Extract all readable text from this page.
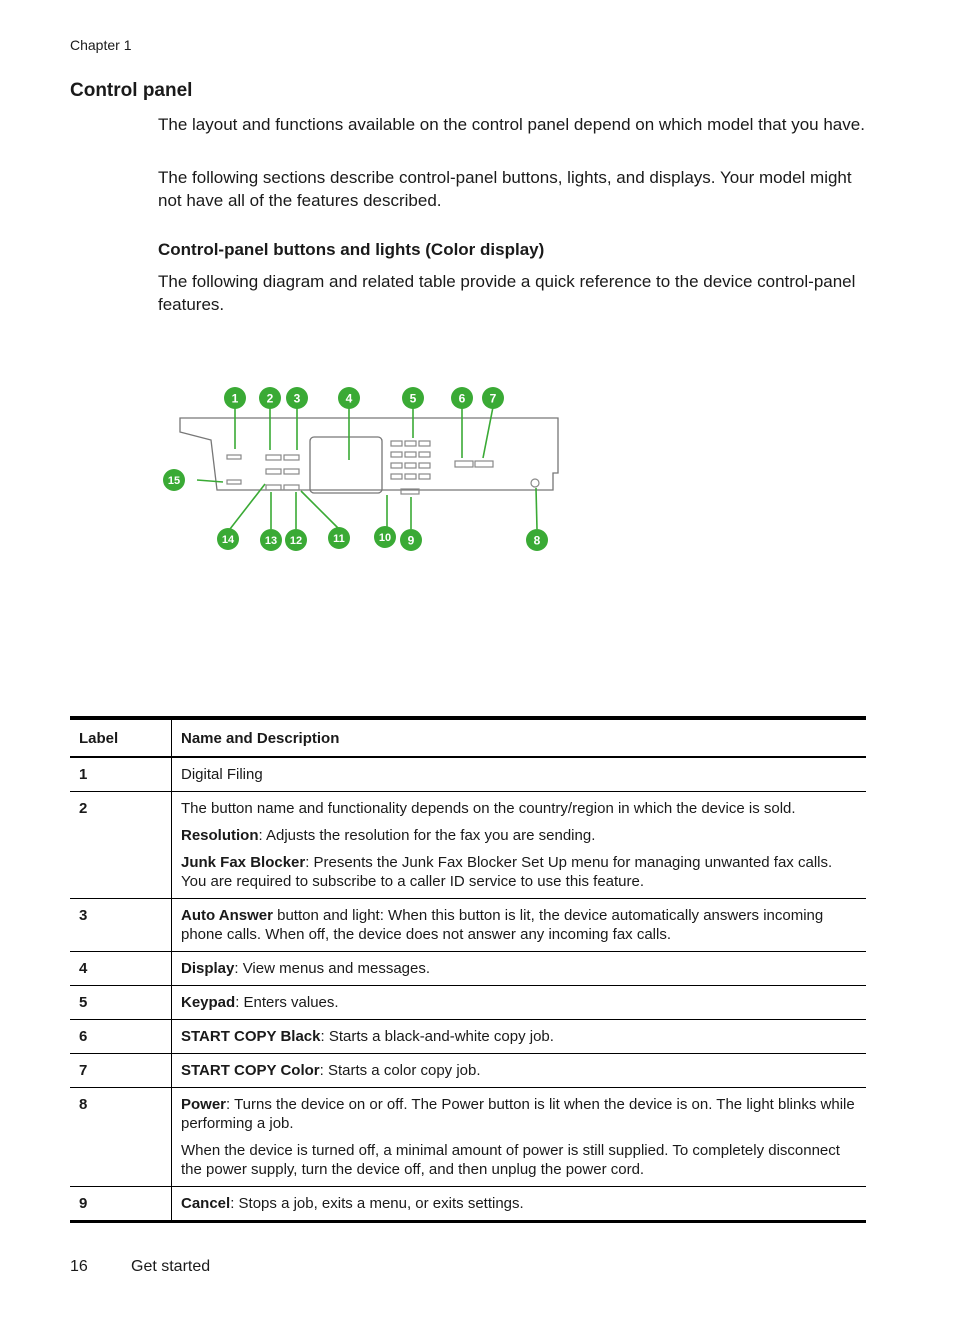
Chapter 1
Control panel

The layout and functions available on the control panel depend on which model that you have.

The following sections describe control-panel buttons, lights, and displays. Your model might not have all of the features described.

Control-panel buttons and lights (Color display)

The following diagram and related table provide a quick reference to the device control-panel features.

1 2 3	4	5	6 7
8
9
10
11
12
13
14
15
Label	Name and Description
1	Digital Filing

2	The button name and functionality depends on the country/region in which the device is sold.

Resolution: Adjusts the resolution for the fax you are sending.

Junk Fax Blocker: Presents the Junk Fax Blocker Set Up menu for managing unwanted fax calls. You are required to subscribe to a caller ID service to use this feature.

3	Auto Answer button and light: When this button is lit, the device automatically answers incoming phone calls. When off, the device does not answer any incoming fax calls.

4	Display: View menus and messages.

5	Keypad: Enters values.

6	START COPY Black: Starts a black-and-white copy job.

7	START COPY Color: Starts a color copy job.

8	Power: Turns the device on or off. The Power button is lit when the device is on. The light blinks while performing a job.

When the device is turned off, a minimal amount of power is still supplied. To completely disconnect the power supply, turn the device off, and then unplug the power cord.

9	Cancel: Stops a job, exits a menu, or exits settings.

16	Get started
